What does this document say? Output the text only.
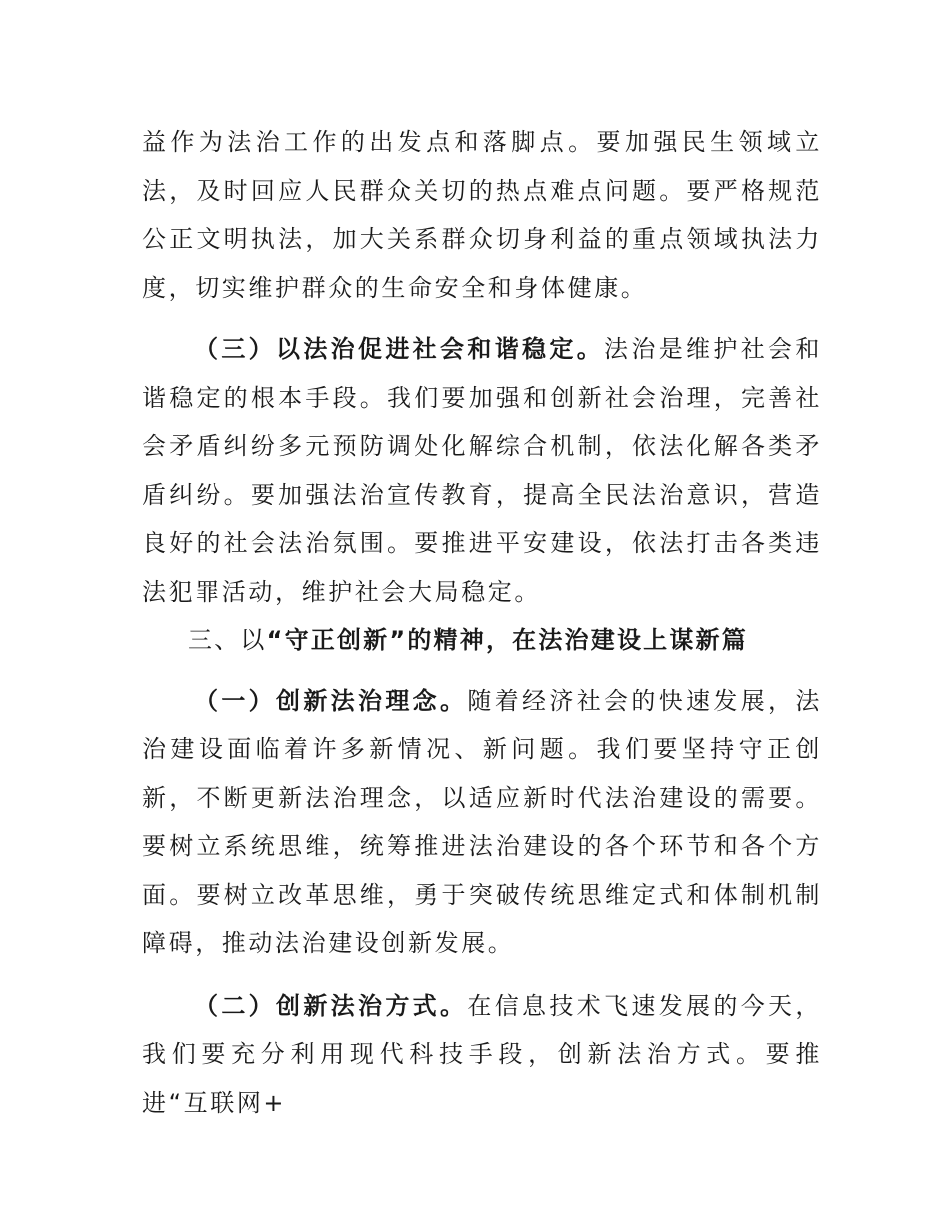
益作为法治工作的出发点和落脚点。要加强民生领域立法，及时回应人民群众关切的热点难点问题。要严格规范公正文明执法，加大关系群众切身利益的重点领域执法力度，切实维护群众的生命安全和身体健康。

（三）以法治促进社会和谐稳定。法治是维护社会和谐稳定的根本手段。我们要加强和创新社会治理，完善社会矛盾纠纷多元预防调处化解综合机制，依法化解各类矛盾纠纷。要加强法治宣传教育，提高全民法治意识，营造良好的社会法治氛围。要推进平安建设，依法打击各类违法犯罪活动，维护社会大局稳定。

三、以“守正创新”的精神，在法治建设上谋新篇

（一）创新法治理念。随着经济社会的快速发展，法治建设面临着许多新情况、新问题。我们要坚持守正创新，不断更新法治理念，以适应新时代法治建设的需要。要树立系统思维，统筹推进法治建设的各个环节和各个方面。要树立改革思维，勇于突破传统思维定式和体制机制障碍，推动法治建设创新发展。

（二）创新法治方式。在信息技术飞速发展的今天，我们要充分利用现代科技手段，创新法治方式。要推进“互联网+
